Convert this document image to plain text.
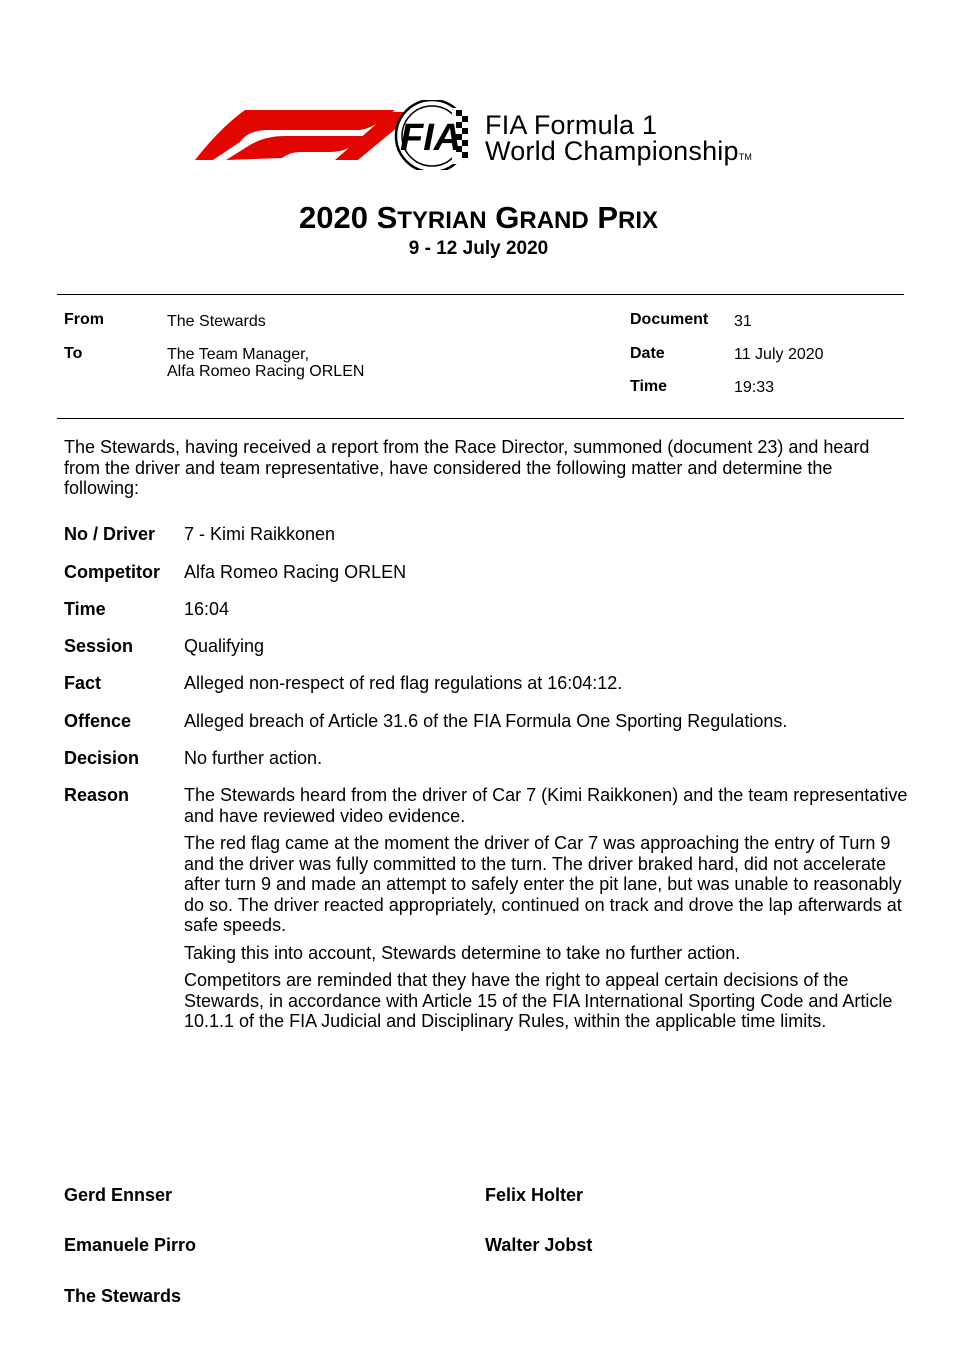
FIA FIA Formula 1
World ChampionshipTM
2020 STYRIAN GRAND PRIX
9 - 12 July 2020
From	The Stewards
To	The Team Manager,
Alfa Romeo Racing ORLEN
Document 31
Date	11 July 2020
Time	19:33
The Stewards, having received a report from the Race Director, summoned (document 23) and heard from the driver and team representative, have considered the following matter and determine the following:
No / Driver 7 - Kimi Raikkonen
Competitor Alfa Romeo Racing ORLEN
Time	16:04
Session	Qualifying
Fact	Alleged non-respect of red flag regulations at 16:04:12.
Offence	Alleged breach of Article 31.6 of the FIA Formula One Sporting Regulations.
Decision No further action.
Reason	The Stewards heard from the driver of Car 7 (Kimi Raikkonen) and the team representative and have reviewed video evidence.
The red flag came at the moment the driver of Car 7 was approaching the entry of Turn 9 and the driver was fully committed to the turn. The driver braked hard, did not accelerate after turn 9 and made an attempt to safely enter the pit lane, but was unable to reasonably do so. The driver reacted appropriately, continued on track and drove the lap afterwards at safe speeds.
Taking this into account, Stewards determine to take no further action.
Competitors are reminded that they have the right to appeal certain decisions of the Stewards, in accordance with Article 15 of the FIA International Sporting Code and Article 10.1.1 of the FIA Judicial and Disciplinary Rules, within the applicable time limits.
Gerd Ennser	Felix Holter
Emanuele Pirro	Walter Jobst
The Stewards
